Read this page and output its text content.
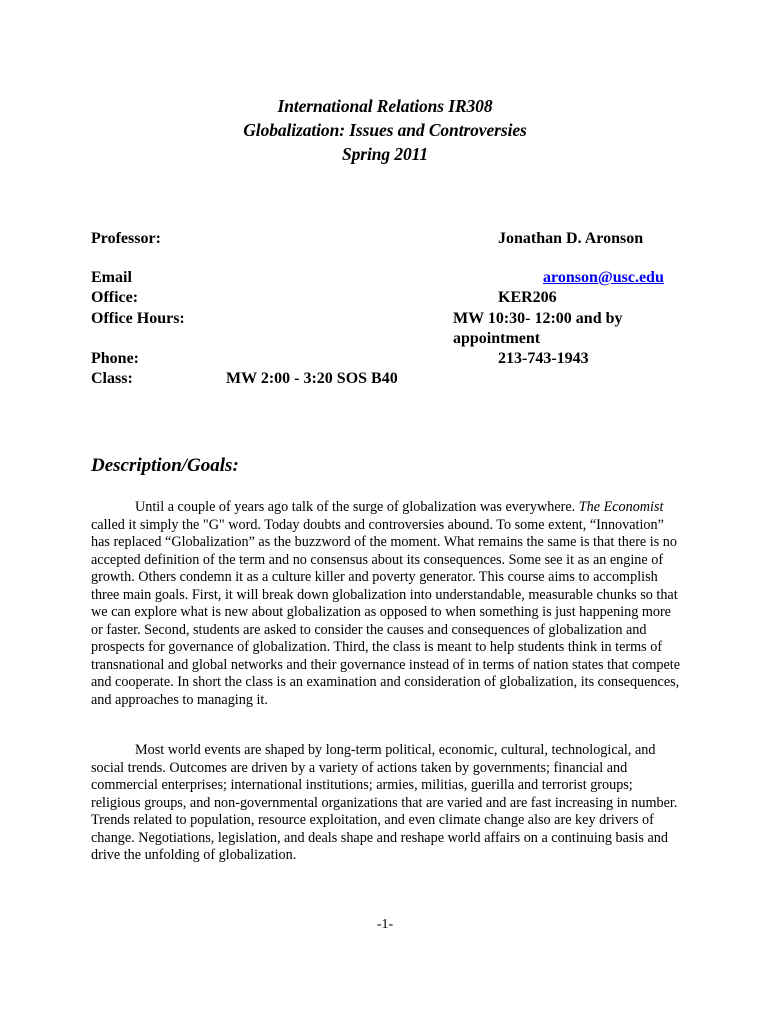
International Relations IR308
Globalization: Issues and Controversies
Spring 2011
Professor:	Jonathan D. Aronson
Email	aronson@usc.edu
Office:	KER206
Office Hours:	MW 10:30- 12:00 and by appointment
Phone:	213-743-1943
Class:	MW 2:00 - 3:20 SOS B40
Description/Goals:

Until a couple of years ago talk of the surge of globalization was everywhere. The Economist called it simply the "G" word. Today doubts and controversies abound. To some extent, “Innovation” has replaced “Globalization” as the buzzword of the moment. What remains the same is that there is no accepted definition of the term and no consensus about its consequences. Some see it as an engine of growth. Others condemn it as a culture killer and poverty generator. This course aims to accomplish three main goals. First, it will break down globalization into understandable, measurable chunks so that we can explore what is new about globalization as opposed to when something is just happening more or faster. Second, students are asked to consider the causes and consequences of globalization and prospects for governance of globalization. Third, the class is meant to help students think in terms of transnational and global networks and their governance instead of in terms of nation states that compete and cooperate. In short the class is an examination and consideration of globalization, its consequences, and approaches to managing it.

Most world events are shaped by long-term political, economic, cultural, technological, and social trends. Outcomes are driven by a variety of actions taken by governments; financial and commercial enterprises; international institutions; armies, militias, guerilla and terrorist groups; religious groups, and non-governmental organizations that are varied and are fast increasing in number. Trends related to population, resource exploitation, and even climate change also are key drivers of change. Negotiations, legislation, and deals shape and reshape world affairs on a continuing basis and drive the unfolding of globalization.

-1-
